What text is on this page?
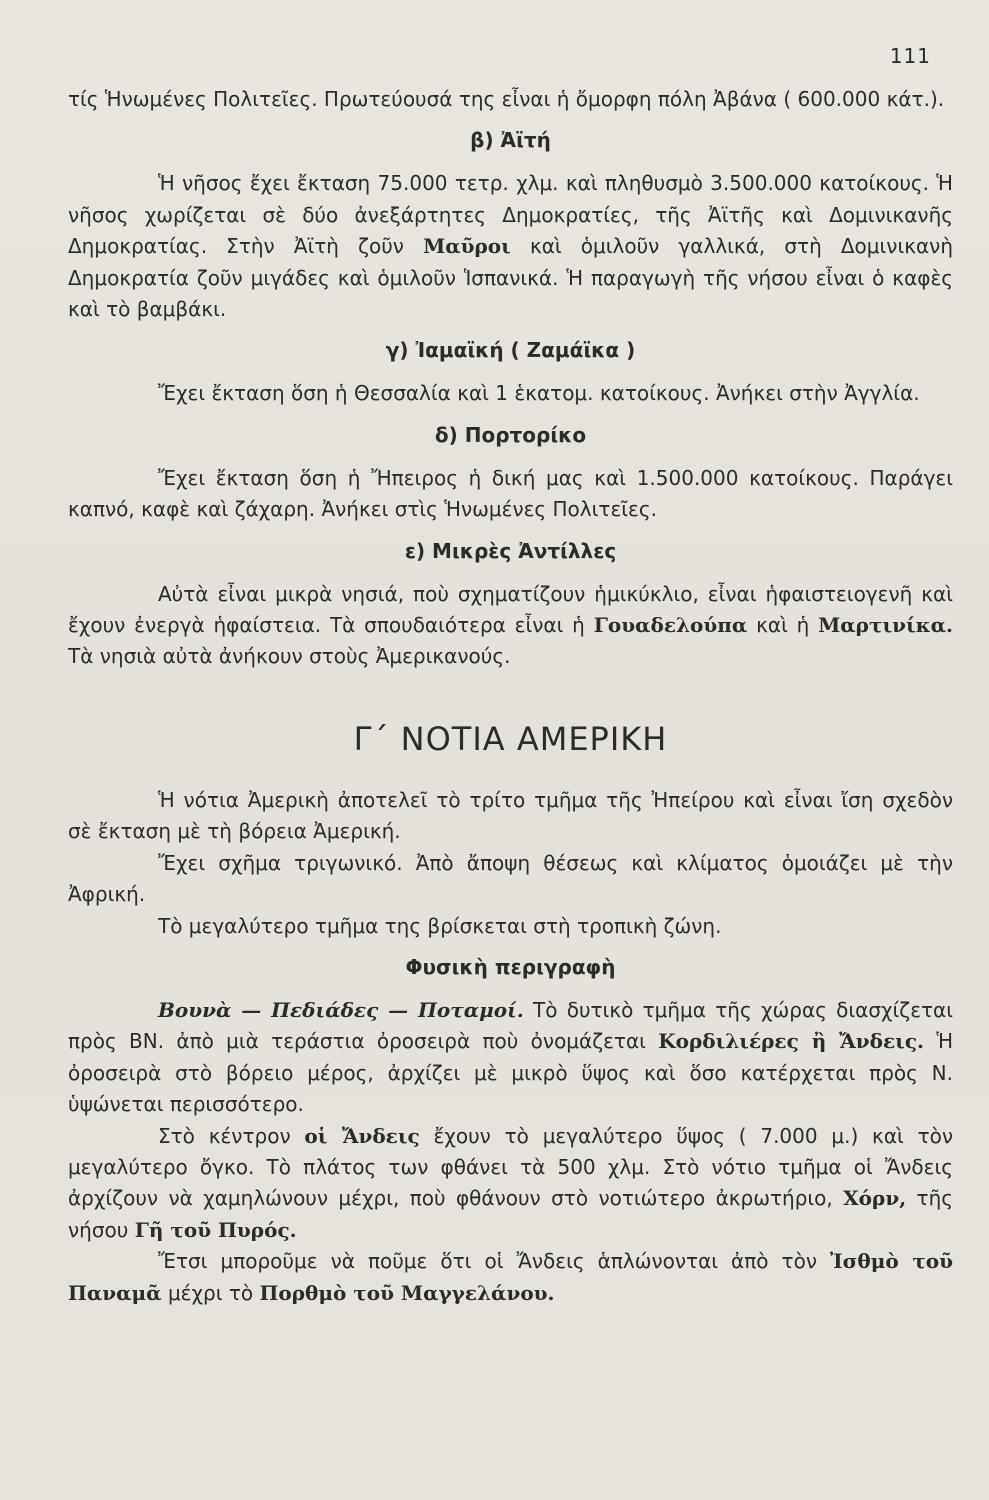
111

τίς Ἡνωμένες Πολιτεῖες. Πρωτεύουσά της εἶναι ἡ ὄμορφη πόλη Ἀβάνα ( 600.000 κάτ.).

β) Ἀϊτή

Ἡ νῆσος ἔχει ἔκταση 75.000 τετρ. χλμ. καὶ πληθυσμὸ 3.500.000 κατοίκους. Ἡ νῆσος χωρίζεται σὲ δύο ἀνεξάρτητες Δημοκρατίες, τῆς Ἀϊτῆς καὶ Δομινικανῆς Δημοκρατίας. Στὴν Ἀϊτὴ ζοῦν Μαῦροι καὶ ὁμιλοῦν γαλλικά, στὴ Δομινικανὴ Δημοκρατία ζοῦν μιγάδες καὶ ὁμιλοῦν Ἱσπανικά. Ἡ παραγωγὴ τῆς νήσου εἶναι ὁ καφὲς καὶ τὸ βαμβάκι.

γ) Ἰαμαϊκή ( Ζαμάϊκα )

Ἔχει ἔκταση ὅση ἡ Θεσσαλία καὶ 1 ἑκατομ. κατοίκους. Ἀνήκει στὴν Ἀγγλία.

δ) Πορτορίκο

Ἔχει ἔκταση ὅση ἡ Ἤπειρος ἡ δική μας καὶ 1.500.000 κατοίκους. Παράγει καπνό, καφὲ καὶ ζάχαρη. Ἀνήκει στὶς Ἡνωμένες Πολιτεῖες.

ε) Μικρὲς Ἀντίλλες

Αὐτὰ εἶναι μικρὰ νησιά, ποὺ σχηματίζουν ἡμικύκλιο, εἶναι ἡφαιστειογενῆ καὶ ἔχουν ἐνεργὰ ἡφαίστεια. Τὰ σπουδαιότερα εἶναι ἡ Γουαδελούπα καὶ ἡ Μαρτινίκα. Τὰ νησιὰ αὐτὰ ἀνήκουν στοὺς Ἀμερικανούς.

Γ΄ ΝΟΤΙΑ ΑΜΕΡΙΚΗ

Ἡ νότια Ἀμερικὴ ἀποτελεῖ τὸ τρίτο τμῆμα τῆς Ἠπείρου καὶ εἶναι ἴση σχεδὸν σὲ ἔκταση μὲ τὴ βόρεια Ἀμερική.

Ἔχει σχῆμα τριγωνικό. Ἀπὸ ἄποψη θέσεως καὶ κλίματος ὁμοιάζει μὲ τὴν Ἀφρική.

Τὸ μεγαλύτερο τμῆμα της βρίσκεται στὴ τροπικὴ ζώνη.

Φυσικὴ περιγραφὴ

Βουνὰ — Πεδιάδες — Ποταμοί. Τὸ δυτικὸ τμῆμα τῆς χώρας διασχίζεται πρὸς ΒΝ. ἀπὸ μιὰ τεράστια ὀροσειρὰ ποὺ ὀνομάζεται Κορδιλιέρες ἢ Ἄνδεις. Ἡ ὀροσειρὰ στὸ βόρειο μέρος, ἀρχίζει μὲ μικρὸ ὕψος καὶ ὅσο κατέρχεται πρὸς Ν. ὑψώνεται περισσότερο.

Στὸ κέντρον οἱ Ἄνδεις ἔχουν τὸ μεγαλύτερο ὕψος ( 7.000 μ.) καὶ τὸν μεγαλύτερο ὄγκο. Τὸ πλάτος των φθάνει τὰ 500 χλμ. Στὸ νότιο τμῆμα οἱ Ἄνδεις ἀρχίζουν νὰ χαμηλώνουν μέχρι, ποὺ φθάνουν στὸ νοτιώτερο ἀκρωτήριο, Χόρν, τῆς νήσου Γῆ τοῦ Πυρός.

Ἔτσι μποροῦμε νὰ ποῦμε ὅτι οἱ Ἄνδεις ἁπλώνονται ἀπὸ τὸν Ἰσθμὸ τοῦ Παναμᾶ μέχρι τὸ Πορθμὸ τοῦ Μαγγελάνου.
